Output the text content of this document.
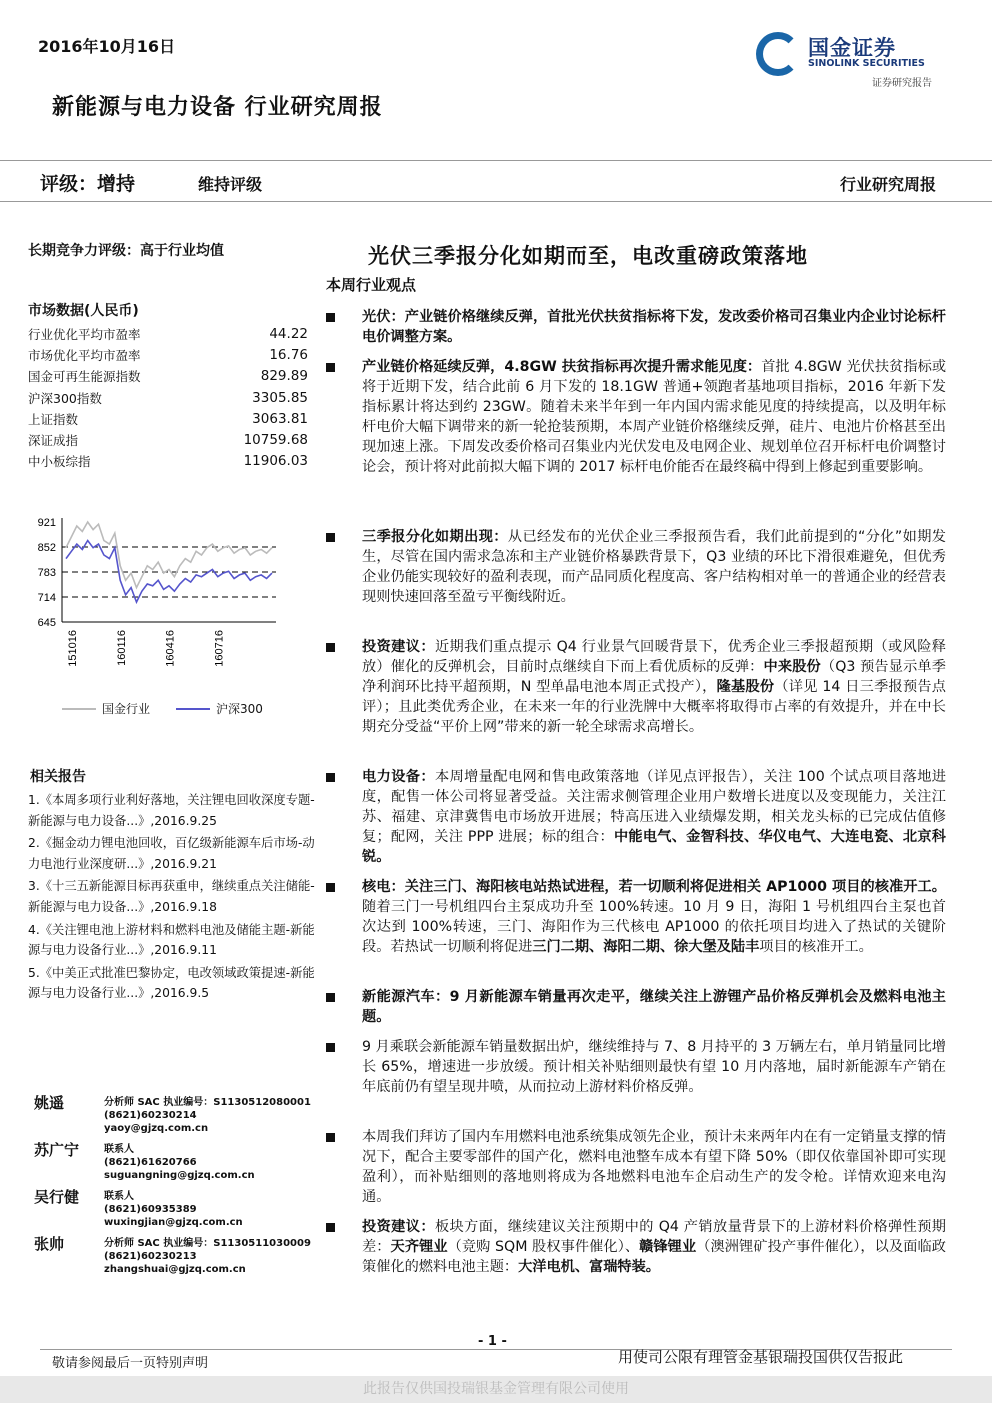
2016年10月16日
新能源与电力设备 行业研究周报
国金证券
SINOLINK SECURITIES
证券研究报告
评级：增持	维持评级	行业研究周报
长期竞争力评级：高于行业均值
市场数据(人民币)
行业优化平均市盈率	44.22
市场优化平均市盈率	16.76
国金可再生能源指数	829.89
沪深300指数	3305.85
上证指数	3063.81
深证成指	10759.68
中小板综指	11906.03
921
852
783
714
645
151016	160116	160416	160716
国金行业	沪深300
相关报告
1.《本周多项行业利好落地，关注锂电回收深度专题-新能源与电力设备...》,2016.9.25
2.《掘金动力锂电池回收，百亿级新能源车后市场-动力电池行业深度研...》,2016.9.21
3.《十三五新能源目标再获重申，继续重点关注储能-新能源与电力设备...》,2016.9.18
4.《关注锂电池上游材料和燃料电池及储能主题-新能源与电力设备行业...》,2016.9.11
5.《中美正式批准巴黎协定，电改领域政策提速-新能源与电力设备行业...》,2016.9.5
姚遥	分析师 SAC 执业编号：S1130512080001
(8621)60230214
yaoy@gjzq.com.cn
苏广宁 联系人
(8621)61620766
suguangning@gjzq.com.cn
吴行健 联系人
(8621)60935389
wuxingjian@gjzq.com.cn
张帅	分析师 SAC 执业编号：S1130511030009
(8621)60230213
zhangshuai@gjzq.com.cn
光伏三季报分化如期而至，电改重磅政策落地
本周行业观点
光伏：产业链价格继续反弹，首批光伏扶贫指标将下发，发改委价格司召集业内企业讨论标杆电价调整方案。
产业链价格延续反弹，4.8GW 扶贫指标再次提升需求能见度：首批 4.8GW 光伏扶贫指标或将于近期下发，结合此前 6 月下发的 18.1GW 普通+领跑者基地项目指标，2016 年新下发指标累计将达到约 23GW。随着未来半年到一年内国内需求能见度的持续提高，以及明年标杆电价大幅下调带来的新一轮抢装预期，本周产业链价格继续反弹，硅片、电池片价格甚至出现加速上涨。下周发改委价格司召集业内光伏发电及电网企业、规划单位召开标杆电价调整讨论会，预计将对此前拟大幅下调的 2017 标杆电价能否在最终稿中得到上修起到重要影响。
三季报分化如期出现：从已经发布的光伏企业三季报预告看，我们此前提到的“分化”如期发生，尽管在国内需求急冻和主产业链价格暴跌背景下，Q3 业绩的环比下滑很难避免，但优秀企业仍能实现较好的盈利表现，而产品同质化程度高、客户结构相对单一的普通企业的经营表现则快速回落至盈亏平衡线附近。
投资建议：近期我们重点提示 Q4 行业景气回暖背景下，优秀企业三季报超预期（或风险释放）催化的反弹机会，目前时点继续自下而上看优质标的反弹：中来股份（Q3 预告显示单季净利润环比持平超预期，N 型单晶电池本周正式投产），隆基股份（详见 14 日三季报预告点评）；且此类优秀企业，在未来一年的行业洗牌中大概率将取得市占率的有效提升，并在中长期充分受益“平价上网”带来的新一轮全球需求高增长。
电力设备：本周增量配电网和售电政策落地（详见点评报告），关注 100 个试点项目落地进度，配售一体公司将显著受益。关注需求侧管理企业用户数增长进度以及变现能力，关注江苏、福建、京津冀售电市场放开进展；特高压进入业绩爆发期，相关龙头标的已完成估值修复；配网，关注 PPP 进展；标的组合：中能电气、金智科技、华仪电气、大连电瓷、北京科锐。
核电：关注三门、海阳核电站热试进程，若一切顺利将促进相关 AP1000 项目的核准开工。随着三门一号机组四台主泵成功升至 100%转速。10 月 9 日，海阳 1 号机组四台主泵也首次达到 100%转速，三门、海阳作为三代核电 AP1000 的依托项目均进入了热试的关键阶段。若热试一切顺利将促进三门二期、海阳二期、徐大堡及陆丰项目的核准开工。
新能源汽车：9 月新能源车销量再次走平，继续关注上游锂产品价格反弹机会及燃料电池主题。
9 月乘联会新能源车销量数据出炉，继续维持与 7、8 月持平的 3 万辆左右，单月销量同比增长 65%，增速进一步放缓。预计相关补贴细则最快有望 10 月内落地，届时新能源车产销在年底前仍有望呈现井喷，从而拉动上游材料价格反弹。
本周我们拜访了国内车用燃料电池系统集成领先企业，预计未来两年内在有一定销量支撑的情况下，配合主要零部件的国产化，燃料电池整车成本有望下降 50%（即仅依靠国补即可实现盈利），而补贴细则的落地则将成为各地燃料电池车企启动生产的发令枪。详情欢迎来电沟通。
投资建议：板块方面，继续建议关注预期中的 Q4 产销放量背景下的上游材料价格弹性预期差：天齐锂业（竞购 SQM 股权事件催化）、赣锋锂业（澳洲锂矿投产事件催化），以及面临政策催化的燃料电池主题：大洋电机、富瑞特装。
- 1 -
敬请参阅最后一页特别声明	用使司公限有理管金基银瑞投国供仅告报此
此报告仅供国投瑞银基金管理有限公司使用
